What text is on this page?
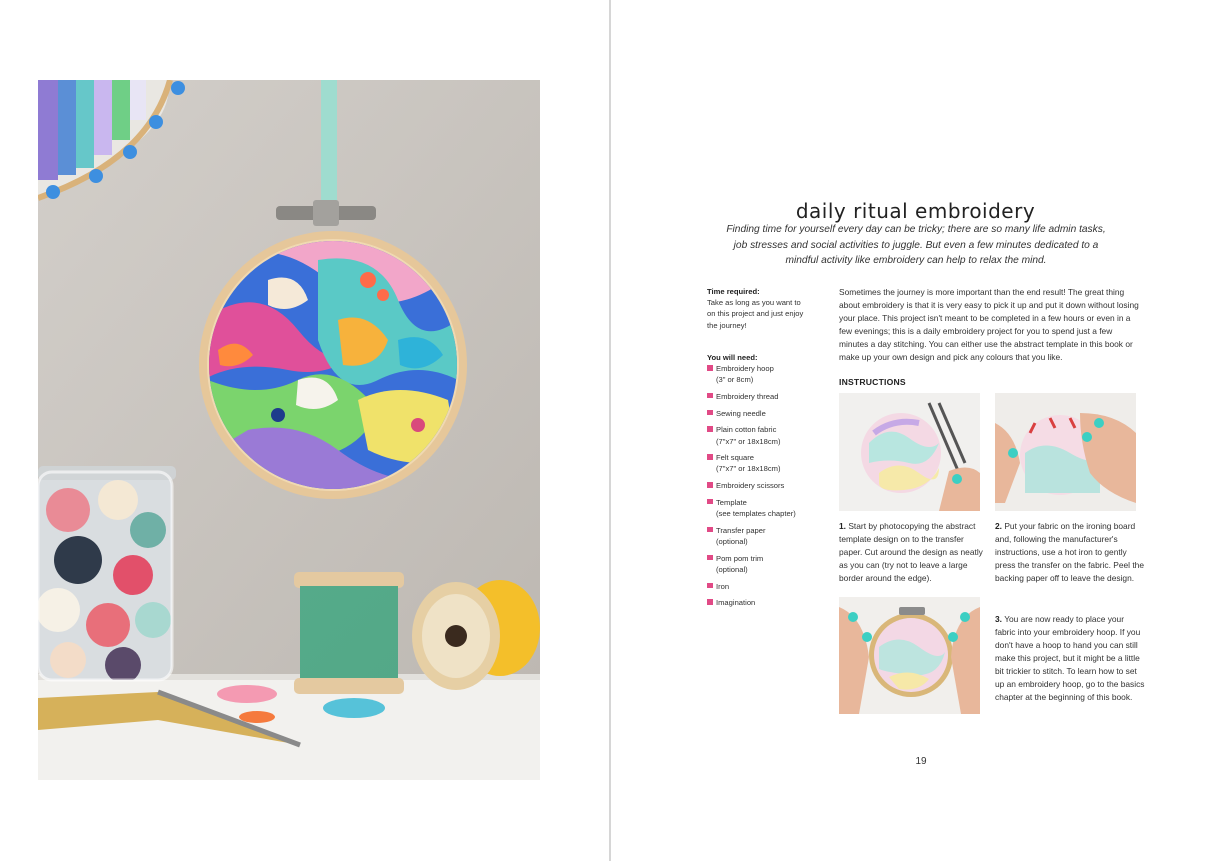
daily ritual embroidery

Finding time for yourself every day can be tricky; there are so many life admin tasks, job stresses and social activities to juggle. But even a few minutes dedicated to a mindful activity like embroidery can help to relax the mind.

Time required:
Take as long as you want to on this project and just enjoy the journey!
You will need:
Embroidery hoop
(3" or 8cm)
Embroidery thread
Sewing needle
Plain cotton fabric
(7"x7" or 18x18cm)
Felt square
(7"x7" or 18x18cm)
Embroidery scissors
Template
(see templates chapter)
Transfer paper
(optional)
Pom pom trim
(optional)
Iron
Imagination

Sometimes the journey is more important than the end result! The great thing about embroidery is that it is very easy to pick it up and put it down without losing your place. This project isn't meant to be completed in a few hours or even in a few evenings; this is a daily embroidery project for you to spend just a few minutes a day stitching. You can either use the abstract template in this book or make up your own design and pick any colours that you like.

INSTRUCTIONS

1. Start by photocopying the abstract template design on to the transfer paper. Cut around the design as neatly as you can (try not to leave a large border around the edge).

2. Put your fabric on the ironing board and, following the manufacturer's instructions, use a hot iron to gently press the transfer on the fabric. Peel the backing paper off to leave the design.

3. You are now ready to place your fabric into your embroidery hoop. If you don't have a hoop to hand you can still make this project, but it might be a little bit trickier to stitch. To learn how to set up an embroidery hoop, go to the basics chapter at the beginning of this book.

19
